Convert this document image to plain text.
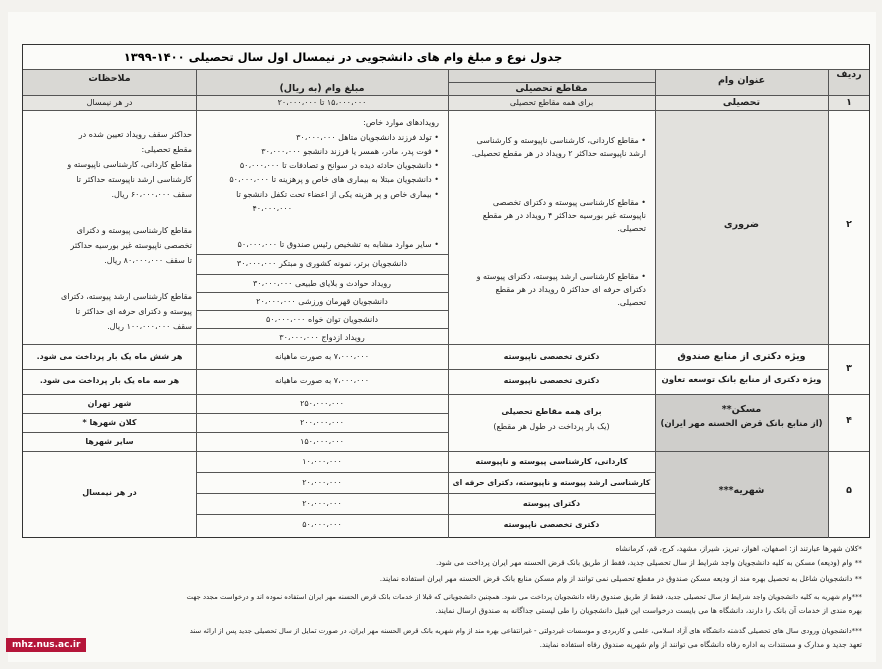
جدول نوع و مبلغ وام های دانشجویی در نیمسال اول سال تحصیلی ۱۴۰۰-۱۳۹۹
ردیف
عنوان وام
مقاطع تحصیلی
مبلغ وام (به ریال)
ملاحظات
۱
تحصیلی
برای همه مقاطع تحصیلی
۱۵،۰۰۰،۰۰۰ تا ۲۰،۰۰۰،۰۰۰
در هر نیمسال
۲
ضروری
• مقاطع کاردانی، کارشناسی ناپیوسته و کارشناسی
ارشد ناپیوسته حداکثر ۲ رویداد در هر مقطع تحصیلی.
• مقاطع کارشناسی پیوسته و دکترای تخصصی
ناپیوسته غیر بورسیه حداکثر ۴ رویداد در هر مقطع
تحصیلی.
• مقاطع کارشناسی ارشد پیوسته، دکترای پیوسته و
دکترای حرفه ای حداکثر ۵ رویداد در هر مقطع
تحصیلی.
رویدادهای موارد خاص:
• تولد فرزند دانشجویان متاهل ۳۰،۰۰۰،۰۰۰
• فوت پدر، مادر، همسر یا فرزند دانشجو ۳۰،۰۰۰،۰۰۰
• دانشجویان حادثه دیده در سوانح و تصادفات تا ۵۰،۰۰۰،۰۰۰
• دانشجویان مبتلا به بیماری های خاص و پرهزینه تا ۵۰،۰۰۰،۰۰۰
• بیماری خاص و پر هزینه یکی از اعضاء تحت تکفل دانشجو تا
۴۰،۰۰۰،۰۰۰
• سایر موارد مشابه به تشخیص رئیس صندوق تا ۵۰،۰۰۰،۰۰۰
دانشجویان برتر، نمونه کشوری و مبتکر ۳۰،۰۰۰،۰۰۰
رویداد حوادث و بلایای طبیعی ۳۰،۰۰۰،۰۰۰
دانشجویان قهرمان ورزشی ۲۰،۰۰۰،۰۰۰
دانشجویان توان خواه ۵۰،۰۰۰،۰۰۰
رویداد ازدواج ۳۰،۰۰۰،۰۰۰
حداکثر سقف رویداد تعیین شده در
مقطع تحصیلی:
مقاطع کاردانی، کارشناسی ناپیوسته و
کارشناسی ارشد ناپیوسته حداکثر تا
سقف ۶۰،۰۰۰،۰۰۰ ریال.
مقاطع کارشناسی پیوسته و دکترای
تخصصی ناپیوسته غیر بورسیه حداکثر
تا سقف ۸۰،۰۰۰،۰۰۰ ریال.
مقاطع کارشناسی ارشد پیوسته، دکترای
پیوسته و دکترای حرفه ای حداکثر تا
سقف ۱۰۰،۰۰۰،۰۰۰ ریال.
۳
ویژه دکتری از منابع صندوق
دکتری تخصصی ناپیوسته
۷،۰۰۰،۰۰۰ به صورت ماهیانه
هر شش ماه یک بار پرداخت می شود.
ویژه دکتری از منابع بانک توسعه تعاون
دکتری تخصصی ناپیوسته
۷،۰۰۰،۰۰۰ به صورت ماهیانه
هر سه ماه یک بار پرداخت می شود.
۴
مسکن**
(از منابع بانک قرض الحسنه مهر ایران)
برای همه مقاطع تحصیلی
(یک بار پرداخت در طول هر مقطع)
۲۵۰،۰۰۰،۰۰۰
۲۰۰،۰۰۰،۰۰۰
۱۵۰،۰۰۰،۰۰۰
شهر تهران
کلان شهرها *
سایر شهرها
۵
شهریه***
کاردانی، کارشناسی پیوسته و ناپیوسته
کارشناسی ارشد پیوسته و ناپیوسته، دکترای حرفه ای
دکترای پیوسته
دکتری تخصصی ناپیوسته
۱۰،۰۰۰،۰۰۰
۲۰،۰۰۰،۰۰۰
۲۰،۰۰۰،۰۰۰
۵۰،۰۰۰،۰۰۰
در هر نیمسال
*کلان شهرها عبارتند از: اصفهان، اهواز، تبریز، شیراز، مشهد، کرج، قم، کرمانشاه
** وام (ودیعه) مسکن به کلیه دانشجویان واجد شرایط از سال تحصیلی جدید، فقط از طریق بانک قرض الحسنه مهر ایران پرداخت می شود.
** دانشجویان شاغل به تحصیل بهره مند از ودیعه مسکن صندوق در مقطع تحصیلی نمی توانند از وام مسکن منابع بانک قرض الحسنه مهر ایران استفاده نمایند.
***وام شهریه به کلیه دانشجویان واجد شرایط از سال تحصیلی جدید، فقط از طریق صندوق رفاه دانشجویان پرداخت می شود. همچنین دانشجویانی که قبلا از خدمات بانک قرض الحسنه مهر ایران استفاده نموده اند و درخواست مجدد جهت
بهره مندی از خدمات آن بانک را دارند، دانشگاه ها می بایست درخواست این قبیل دانشجویان را طی لیستی جداگانه به صندوق ارسال نمایند.
***دانشجویان ورودی سال های تحصیلی گذشته دانشگاه های آزاد اسلامی، علمی و کاربردی و موسسات غیردولتی - غیرانتفاعی بهره مند از وام شهریه بانک قرض الحسنه مهر ایران، در صورت تمایل از سال تحصیلی جدید پس از ارائه سند
تعهد جدید و مدارک و مستندات به اداره رفاه دانشگاه می توانند از وام شهریه صندوق رفاه استفاده نمایند.
mhz.nus.ac.ir
